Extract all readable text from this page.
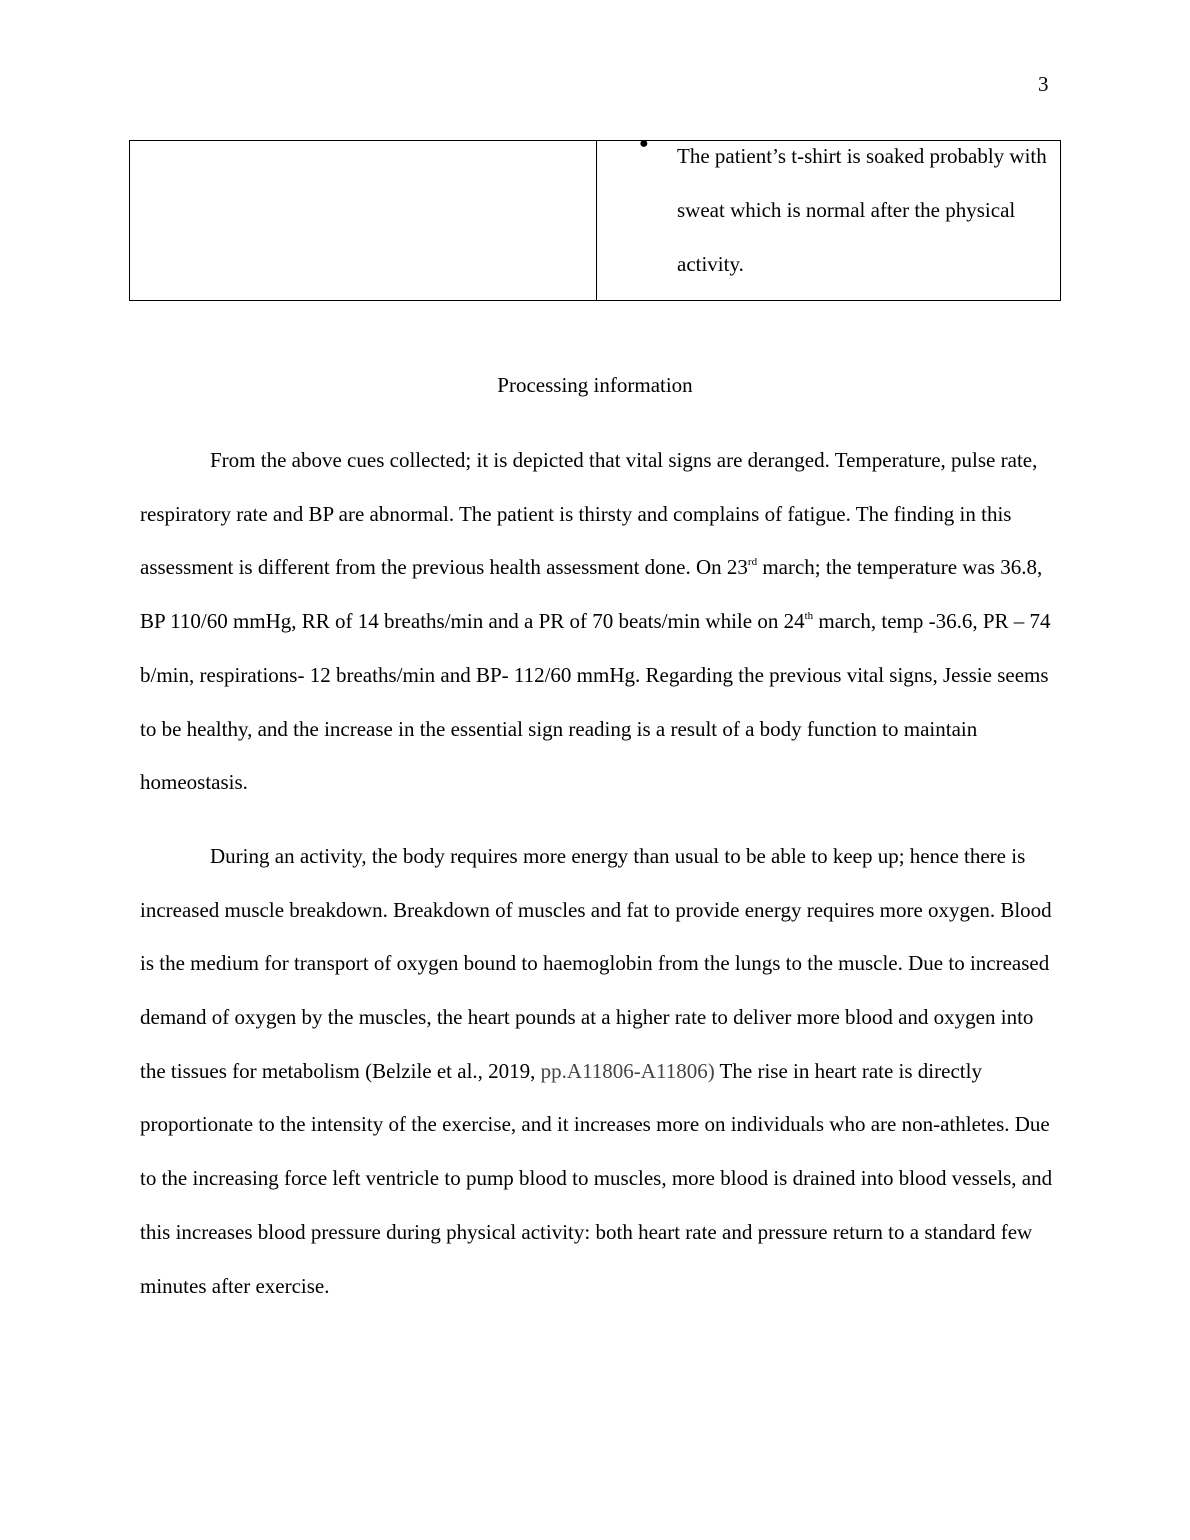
3

●
The patient’s t-shirt is soaked probably with sweat which is normal after the physical activity.
Processing information

From the above cues collected; it is depicted that vital signs are deranged. Temperature, pulse rate, respiratory rate and BP are abnormal. The patient is thirsty and complains of fatigue. The finding in this assessment is different from the previous health assessment done. On 23rd march; the temperature was 36.8, BP 110/60 mmHg, RR of 14 breaths/min and a PR of 70 beats/min while on 24th march, temp -36.6, PR – 74 b/min, respirations- 12 breaths/min and BP- 112/60 mmHg. Regarding the previous vital signs, Jessie seems to be healthy, and the increase in the essential sign reading is a result of a body function to maintain homeostasis.

During an activity, the body requires more energy than usual to be able to keep up; hence there is increased muscle breakdown. Breakdown of muscles and fat to provide energy requires more oxygen. Blood is the medium for transport of oxygen bound to haemoglobin from the lungs to the muscle. Due to increased demand of oxygen by the muscles, the heart pounds at a higher rate to deliver more blood and oxygen into the tissues for metabolism (Belzile et al., 2019, pp.A11806-A11806) The rise in heart rate is directly proportionate to the intensity of the exercise, and it increases more on individuals who are non-athletes. Due to the increasing force left ventricle to pump blood to muscles, more blood is drained into blood vessels, and this increases blood pressure during physical activity: both heart rate and pressure return to a standard few minutes after exercise.
